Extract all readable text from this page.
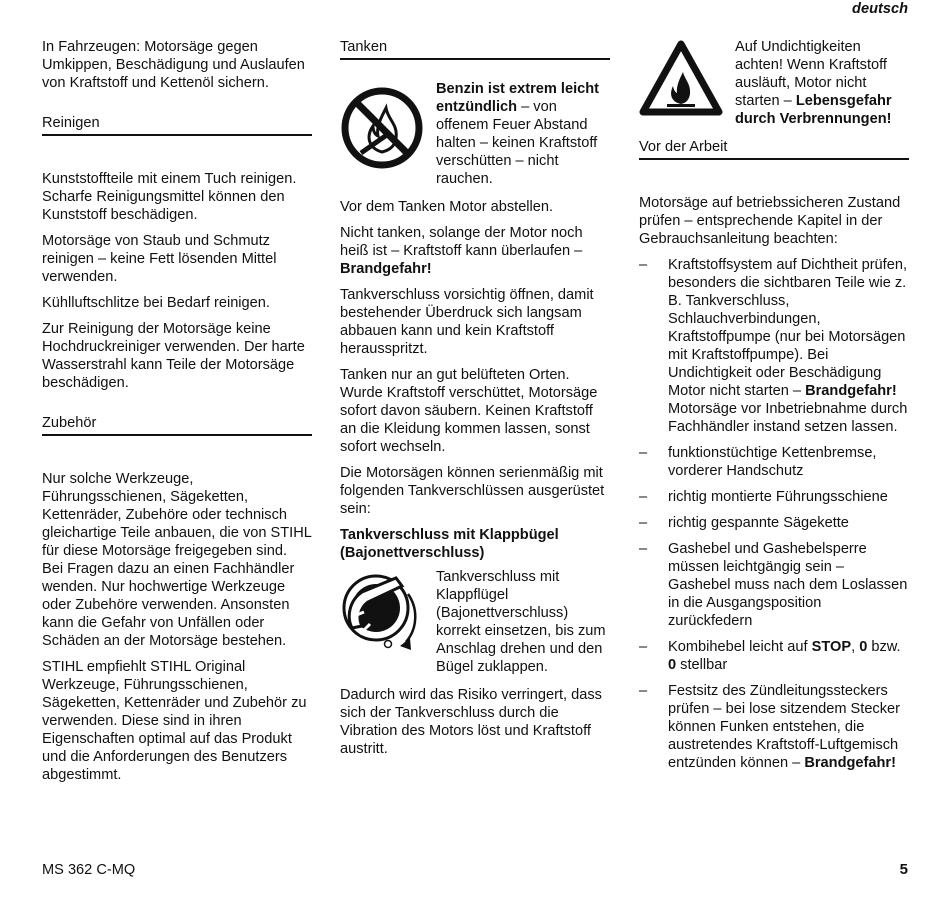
deutsch

In Fahrzeugen: Motorsäge gegen Umkippen, Beschädigung und Auslaufen von Kraftstoff und Kettenöl sichern.

Reinigen

Kunststoffteile mit einem Tuch reinigen. Scharfe Reinigungsmittel können den Kunststoff beschädigen.

Motorsäge von Staub und Schmutz reinigen – keine Fett lösenden Mittel verwenden.

Kühlluftschlitze bei Bedarf reinigen.

Zur Reinigung der Motorsäge keine Hochdruckreiniger verwenden. Der harte Wasserstrahl kann Teile der Motorsäge beschädigen.

Zubehör

Nur solche Werkzeuge, Führungsschienen, Sägeketten, Kettenräder, Zubehöre oder technisch gleichartige Teile anbauen, die von STIHL für diese Motorsäge freigegeben sind. Bei Fragen dazu an einen Fachhändler wenden. Nur hochwertige Werkzeuge oder Zubehöre verwenden. Ansonsten kann die Gefahr von Unfällen oder Schäden an der Motorsäge bestehen.

STIHL empfiehlt STIHL Original Werkzeuge, Führungsschienen, Sägeketten, Kettenräder und Zubehör zu verwenden. Diese sind in ihren Eigenschaften optimal auf das Produkt und die Anforderungen des Benutzers abgestimmt.

Tanken
Benzin ist extrem leicht entzündlich – von offenem Feuer Abstand halten – keinen Kraftstoff verschütten – nicht rauchen.

Vor dem Tanken Motor abstellen.

Nicht tanken, solange der Motor noch heiß ist – Kraftstoff kann überlaufen – Brandgefahr!

Tankverschluss vorsichtig öffnen, damit bestehender Überdruck sich langsam abbauen kann und kein Kraftstoff herausspritzt.

Tanken nur an gut belüfteten Orten. Wurde Kraftstoff verschüttet, Motorsäge sofort davon säubern. Keinen Kraftstoff an die Kleidung kommen lassen, sonst sofort wechseln.

Die Motorsägen können serienmäßig mit folgenden Tankverschlüssen ausgerüstet sein:

Tankverschluss mit Klappbügel (Bajonettverschluss)

Tankverschluss mit Klappflügel (Bajonettverschluss) korrekt einsetzen, bis zum Anschlag drehen und den Bügel zuklappen.

Dadurch wird das Risiko verringert, dass sich der Tankverschluss durch die Vibration des Motors löst und Kraftstoff austritt.

Auf Undichtigkeiten achten! Wenn Kraftstoff ausläuft, Motor nicht starten – Lebensgefahr durch Verbrennungen!
Vor der Arbeit

Motorsäge auf betriebssicheren Zustand prüfen – entsprechende Kapitel in der Gebrauchsanleitung beachten:

– Kraftstoffsystem auf Dichtheit prüfen, besonders die sichtbaren Teile wie z. B. Tankverschluss, Schlauchverbindungen, Kraftstoffpumpe (nur bei Motorsägen mit Kraftstoffpumpe). Bei Undichtigkeit oder Beschädigung Motor nicht starten – Brandgefahr! Motorsäge vor Inbetriebnahme durch Fachhändler instand setzen lassen.
– funktionstüchtige Kettenbremse, vorderer Handschutz
– richtig montierte Führungsschiene
– richtig gespannte Sägekette
– Gashebel und Gashebelsperre müssen leichtgängig sein – Gashebel muss nach dem Loslassen in die Ausgangsposition zurückfedern
– Kombihebel leicht auf STOP, 0 bzw. 0 stellbar
– Festsitz des Zündleitungssteckers prüfen – bei lose sitzendem Stecker können Funken entstehen, die austretendes Kraftstoff-Luftgemisch entzünden können – Brandgefahr!
MS 362 C-MQ	5
